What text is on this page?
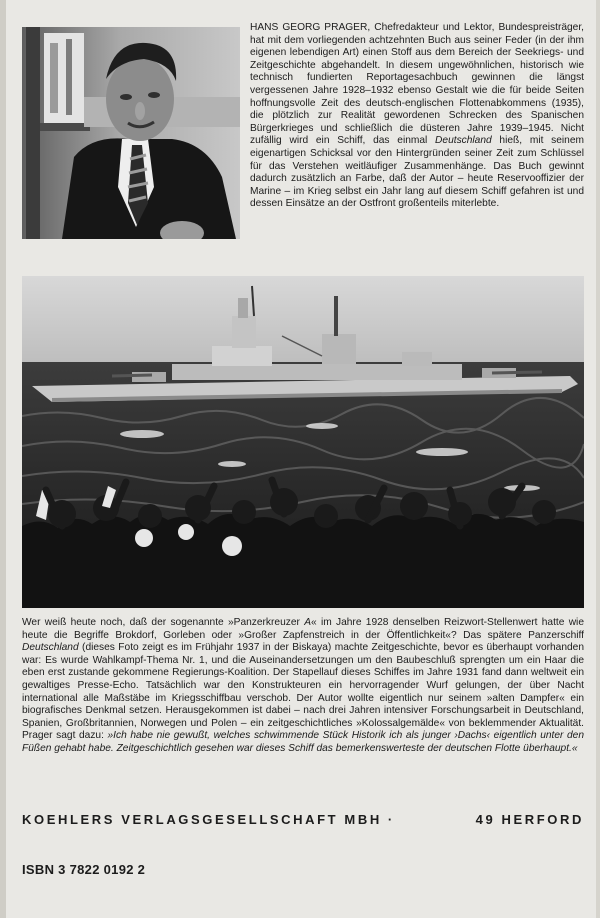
HANS GEORG PRAGER, Chefredakteur und Lektor, Bundespreisträger, hat mit dem vorliegenden achtzehnten Buch aus seiner Feder (in der ihm eigenen lebendigen Art) einen Stoff aus dem Bereich der Seekriegs- und Zeitgeschichte abgehandelt. In diesem ungewöhnlichen, historisch wie technisch fundierten Reportagesachbuch gewinnen die längst vergessenen Jahre 1928–1932 ebenso Gestalt wie die für beide Seiten hoffnungsvolle Zeit des deutsch-englischen Flottenabkommens (1935), die plötzlich zur Realität gewordenen Schrecken des Spanischen Bürgerkrieges und schließlich die düsteren Jahre 1939–1945. Nicht zufällig wird ein Schiff, das einmal Deutschland hieß, mit seinem eigenartigen Schicksal vor den Hintergründen seiner Zeit zum Schlüssel für das Verstehen weitläufiger Zusammenhänge. Das Buch gewinnt dadurch zusätzlich an Farbe, daß der Autor – heute Reservooffizier der Marine – im Krieg selbst ein Jahr lang auf diesem Schiff gefahren ist und dessen Einsätze an der Ostfront großenteils miterlebte.

Wer weiß heute noch, daß der sogenannte »Panzerkreuzer A« im Jahre 1928 denselben Reizwort-Stellenwert hatte wie heute die Begriffe Brokdorf, Gorleben oder »Großer Zapfenstreich in der Öffentlichkeit«? Das spätere Panzerschiff Deutschland (dieses Foto zeigt es im Frühjahr 1937 in der Biskaya) machte Zeitgeschichte, bevor es überhaupt vorhanden war: Es wurde Wahlkampf-Thema Nr. 1, und die Auseinandersetzungen um den Baubeschluß sprengten um ein Haar die eben erst zustande gekommene Regierungs-Koalition. Der Stapellauf dieses Schiffes im Jahre 1931 fand dann weltweit ein gewaltiges Presse-Echo. Tatsächlich war den Konstrukteuren ein hervorragender Wurf gelungen, der über Nacht international alle Maßstäbe im Kriegsschiffbau verschob. Der Autor wollte eigentlich nur seinem »alten Dampfer« ein biografisches Denkmal setzen. Herausgekommen ist dabei – nach drei Jahren intensiver Forschungsarbeit in Deutschland, Spanien, Großbritannien, Norwegen und Polen – ein zeitgeschichtliches »Kolossalgemälde« von beklemmender Aktualität. Prager sagt dazu: »Ich habe nie gewußt, welches schwimmende Stück Historik ich als junger ›Dachs‹ eigentlich unter den Füßen gehabt habe. Zeitgeschichtlich gesehen war dieses Schiff das bemerkenswerteste der deutschen Flotte überhaupt.«

KOEHLERS VERLAGSGESELLSCHAFT MBH ·	49 HERFORD
ISBN 3 7822 0192 2
